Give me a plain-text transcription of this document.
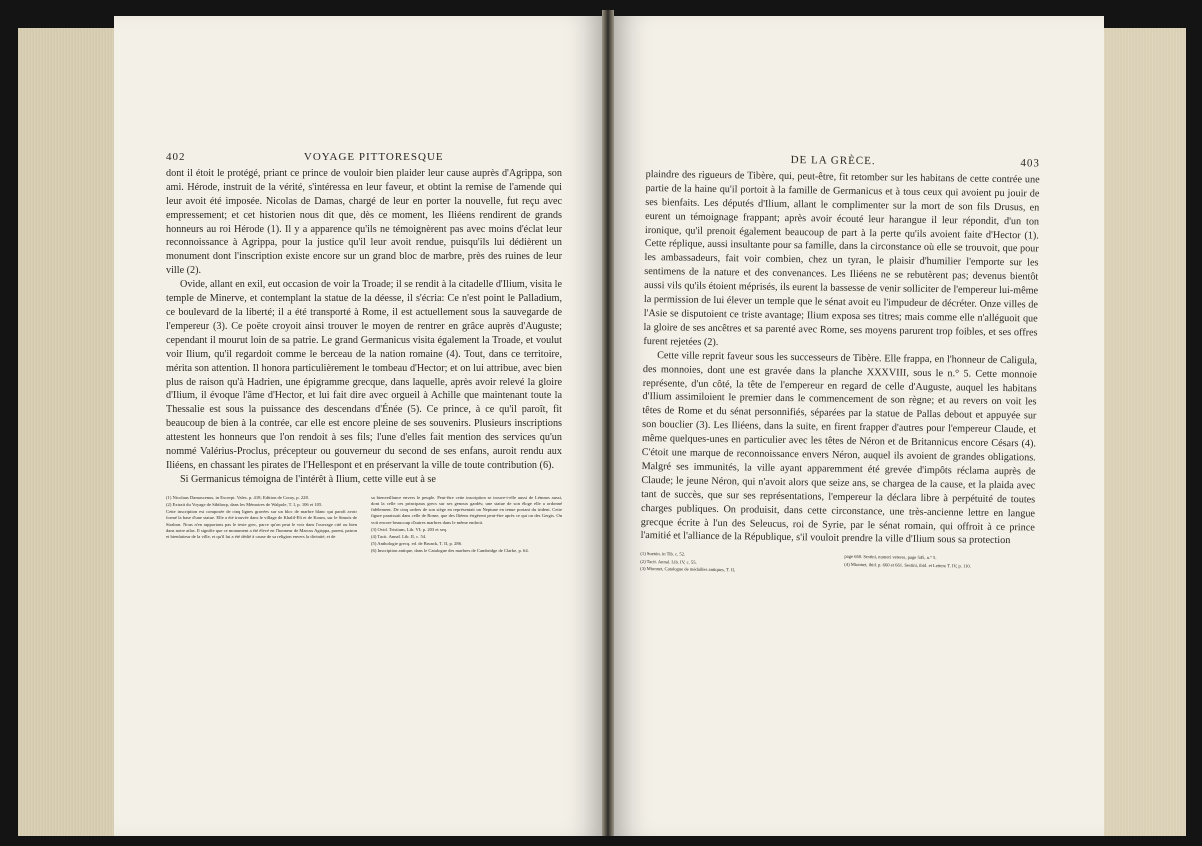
402	VOYAGE PITTORESQUE

dont il étoit le protégé, priant ce prince de vouloir bien plaider leur cause auprès d'Agrippa, son ami. Hérode, instruit de la vérité, s'intéressa en leur faveur, et obtint la remise de l'amende qui leur avoit été imposée. Nicolas de Damas, chargé de leur en porter la nouvelle, fut reçu avec empressement; et cet historien nous dit que, dès ce moment, les Iliéens rendirent de grands honneurs au roi Hérode (1). Il y a apparence qu'ils ne témoignèrent pas avec moins d'éclat leur reconnoissance à Agrippa, pour la justice qu'il leur avoit rendue, puisqu'ils lui dédièrent un monument dont l'inscription existe encore sur un grand bloc de marbre, près des ruines de leur ville (2).

Ovide, allant en exil, eut occasion de voir la Troade; il se rendit à la citadelle d'Ilium, visita le temple de Minerve, et contemplant la statue de la déesse, il s'écria: Ce n'est point le Palladium, ce boulevard de la liberté; il a été transporté à Rome, il est actuellement sous la sauvegarde de l'empereur (3). Ce poëte croyoit ainsi trouver le moyen de rentrer en grâce auprès d'Auguste; cependant il mourut loin de sa patrie. Le grand Germanicus visita également la Troade, et voulut voir Ilium, qu'il regardoit comme le berceau de la nation romaine (4). Tout, dans ce territoire, mérita son attention. Il honora particulièrement le tombeau d'Hector; et on lui attribue, avec bien plus de raison qu'à Hadrien, une épigramme grecque, dans laquelle, après avoir relevé la gloire d'Ilium, il évoque l'âme d'Hector, et lui fait dire avec orgueil à Achille que maintenant toute la Thessalie est sous la puissance des descendans d'Énée (5). Ce prince, à ce qu'il paroît, fit beaucoup de bien à la contrée, car elle est encore pleine de ses souvenirs. Plusieurs inscriptions attestent les honneurs que l'on rendoit à ses fils; l'une d'elles fait mention des services qu'un nommé Valérius-Proclus, précepteur ou gouverneur du second de ses enfans, auroit rendu aux Iliéens, en chassant les pirates de l'Hellespont et en préservant la ville de toute contribution (6).

Si Germanicus témoigna de l'intérêt à Ilium, cette ville eut à se

(1) Nicolaus Damascenus, in Excerpt. Vales. p. 418; Edition de Coray, p. 228.

(2) Extrait du Voyage de Sibthorp, dans les Mémoires de Walpole, T. I, p. 106 et 105.

Cette inscription est composée de cinq lignes gravées sur un bloc de marbre blanc qui paroît avoir formé la base d'une statue. Elle a été trouvée dans le village de Khalil-Eli et de Koum, sur le Simoïs de Strabon. Nous n'en rapportons pas le texte grec, parce qu'on peut le voir dans l'ouvrage cité ou bien dans notre atlas. Il signifie que ce monument a été élevé en l'honneur de Marcus Agrippa, parent, patron et bienfaiteur de la ville, et qu'il lui a été dédié à cause de sa religion envers la divinité, et de

sa bienveillance envers le peuple. Peut-être cette inscription se trouve-t-elle aussi de Lémnos aussi, dont la celle ces principaux grecs sur ses genoux gardés; une statue de son éloge elle a ordonné fidèlement. De cinq ordres de son siège en représentait un Neptune en tenue portant du trident. Cette figure paraissait dans celle de Rome, que des Iliéens érigèrent peut-être après ce qui on des Gergis. On voit encore beaucoup d'autres marbres dans le même endroit.

(3) Ovid. Tristium, Lib. VI; p. 203 et seq.

(4) Tacit. Annal. Lib. II, c. 54.

(5) Anthologie grecq. ed. de Brunck, T. II, p. 286.

(6) Inscription antique, dans le Catalogue des marbres de Cambridge de Clarke, p. 64.

DE LA GRÈCE.	403

plaindre des rigueurs de Tibère, qui, peut-être, fit retomber sur les habitans de cette contrée une partie de la haine qu'il portoit à la famille de Germanicus et à tous ceux qui avoient pu jouir de ses bienfaits. Les députés d'Ilium, allant le complimenter sur la mort de son fils Drusus, en eurent un témoignage frappant; après avoir écouté leur harangue il leur répondit, d'un ton ironique, qu'il prenoit également beaucoup de part à la perte qu'ils avoient faite d'Hector (1). Cette réplique, aussi insultante pour sa famille, dans la circonstance où elle se trouvoit, que pour les ambassadeurs, fait voir combien, chez un tyran, le plaisir d'humilier l'emporte sur les sentimens de la nature et des convenances. Les Iliéens ne se rebutèrent pas; devenus bientôt aussi vils qu'ils étoient méprisés, ils eurent la bassesse de venir solliciter de l'empereur lui-même la permission de lui élever un temple que le sénat avoit eu l'impudeur de décréter. Onze villes de l'Asie se disputoient ce triste avantage; Ilium exposa ses titres; mais comme elle n'alléguoit que la gloire de ses ancêtres et sa parenté avec Rome, ses moyens parurent trop foibles, et ses offres furent rejetées (2).

Cette ville reprit faveur sous les successeurs de Tibère. Elle frappa, en l'honneur de Caligula, des monnoies, dont une est gravée dans la planche XXXVIII, sous le n.° 5. Cette monnoie représente, d'un côté, la tête de l'empereur en regard de celle d'Auguste, auquel les habitans d'Ilium assimiloient le premier dans le commencement de son règne; et au revers on voit les têtes de Rome et du sénat personnifiés, séparées par la statue de Pallas debout et appuyée sur son bouclier (3). Les Iliéens, dans la suite, en firent frapper d'autres pour l'empereur Claude, et même quelques-unes en particulier avec les têtes de Néron et de Britannicus encore Césars (4). C'étoit une marque de reconnoissance envers Néron, auquel ils avoient de grandes obligations. Malgré ses immunités, la ville ayant apparemment été grevée d'impôts réclama auprès de Claude; le jeune Néron, qui n'avoit alors que seize ans, se chargea de la cause, et la plaida avec tant de succès, que sur ses représentations, l'empereur la déclara libre à perpétuité de toutes charges publiques. On produisit, dans cette circonstance, une très-ancienne lettre en langue grecque écrite à l'un des Seleucus, roi de Syrie, par le sénat romain, qui offroit à ce prince l'amitié et l'alliance de la République, s'il vouloit prendre la ville d'Ilium sous sa protection

(1) Suetón. in Tib. c. 52.

(2) Tacit. Annal. Lib. IV, c. 55.

(3) Mionnet, Catalogue de médailles antiques, T. II,

page 660. Sestini, numeri veteres, page 545, n.° 5.

(4) Mionnet, ibid. p. 660 et 661. Sestini, ibid. et Lettere T. IV, p. 110.
